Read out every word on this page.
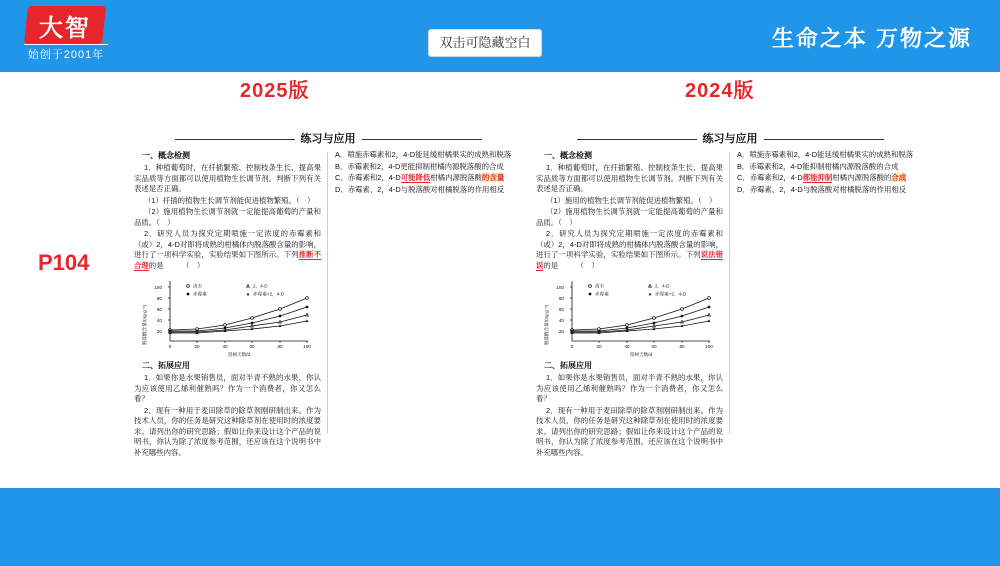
大智
始创于2001年
双击可隐藏空白	生命之本 万物之源
2025版	2024版
P104
练习与应用
一、概念检测

1．种植葡萄时，在扦插繁殖、控制枝条生长、提高果实品质等方面都可以使用植物生长调节剂。判断下列有关表述是否正确。

（1）扦插的植物生长调节剂能促进植物繁殖。（　）

（2）施用植物生长调节剂就一定能提高葡萄的产量和品质。（　）

2．研究人员为探究定期喷施一定浓度的赤霉素和（或）2，4-D对即将成熟的柑橘体内脱落酸含量的影响，进行了一项科学实验，实验结果如下图所示。下列推断不合理的是　　　（　）

100
80
60
40
20
0	20	40	60	80	100
留树天数/d
脱落酸含量/(ng·g⁻¹)
清水
赤霉素
2，4-D
赤霉素+2，4-D
二、拓展应用

1．如果你是水果销售员，面对半青不熟的水果，你认为应该使用乙烯利催熟吗？作为一个消费者，你又怎么看？

2．现有一种用于麦田除草的除草剂刚研制出来。作为技术人员，你的任务是研究这种除草剂在使用时的浓度要求。请列出你的研究思路；假如让你来设计这个产品的说明书，你认为除了浓度参考范围，还应该在这个说明书中补充哪些内容。

A．喷施赤霉素和2，4-D能延缓柑橘果实的成熟和脱落

B．赤霉素和2，4-D更能抑制柑橘内源脱落酸的合成

C．赤霉素和2，4-D可能降低柑橘内源脱落酸的含量

D．赤霉素、2，4-D与脱落酸对柑橘脱落的作用相反

练习与应用
一、概念检测

1．种植葡萄时，在扦插繁殖、控制枝条生长、提高果实品质等方面都可以使用植物生长调节剂。判断下列有关表述是否正确。

（1）施用的植物生长调节剂能促进植物繁殖。（　）

（2）施用植物生长调节剂就一定能提高葡萄的产量和品质。（　）

2．研究人员为探究定期喷施一定浓度的赤霉素和（或）2，4-D对即将成熟的柑橘体内脱落酸含量的影响，进行了一项科学实验，实验结果如下图所示。下列说法错误的是　　　（　）

100
80
60
40
20
0	20	40	60	80	100
留树天数/d
脱落酸含量/(ng·g⁻¹)
清水
赤霉素
2，4-D
赤霉素+2，4-D
二、拓展应用

1．如果你是水果销售员，面对半青不熟的水果，你认为应该使用乙烯利催熟吗？作为一个消费者，你又怎么看？

2．现有一种用于麦田除草的除草剂刚研制出来。作为技术人员，你的任务是研究这种除草剂在使用时的浓度要求。请列出你的研究思路；假如让你来设计这个产品的说明书，你认为除了浓度参考范围，还应该在这个说明书中补充哪些内容。

A．喷施赤霉素和2，4-D能延缓柑橘果实的成熟和脱落

B．赤霉素和2，4-D能抑制柑橘内源脱落酸的合成

C．赤霉素和2，4-D都能抑制柑橘内源脱落酸的合成

D．赤霉素、2，4-D与脱落酸对柑橘脱落的作用相反
